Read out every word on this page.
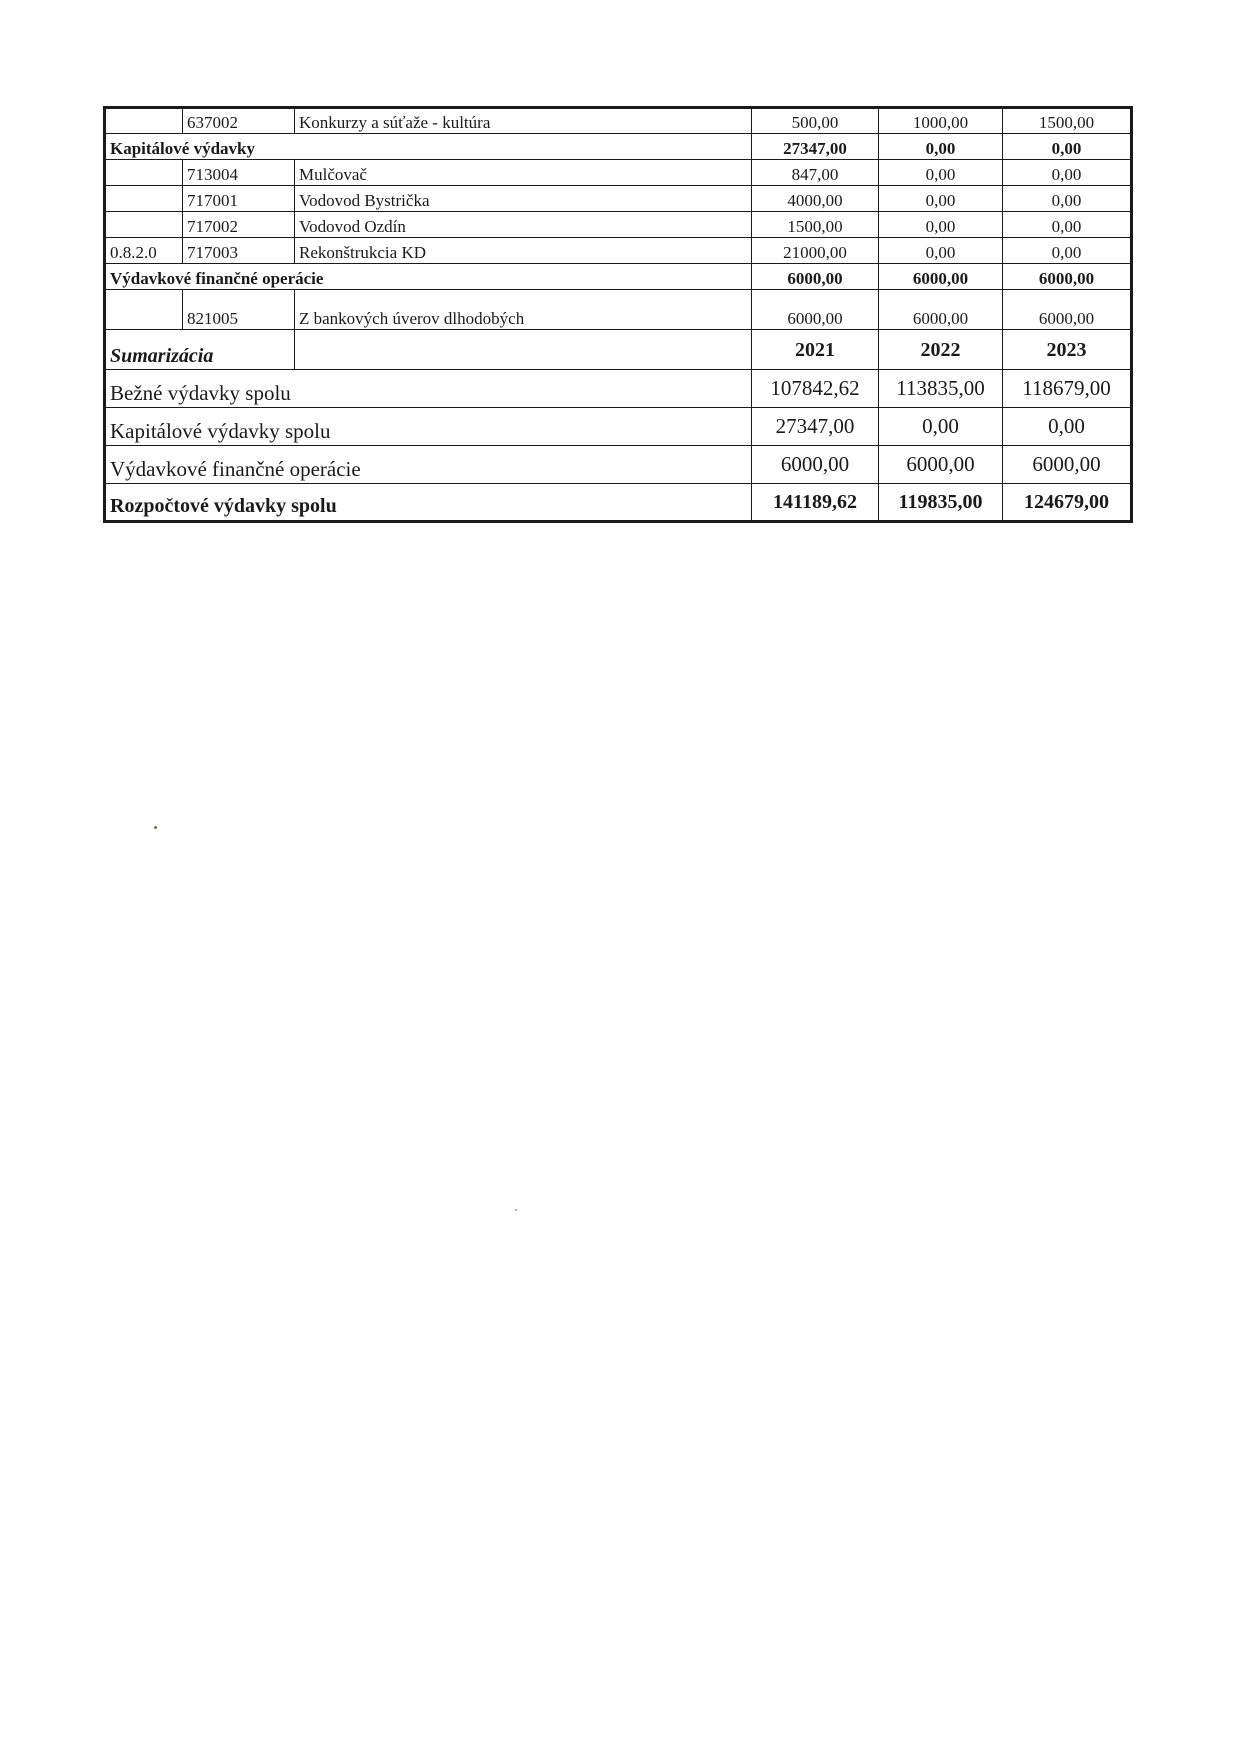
	637002	Konkurzy a súťaže - kultúra	500,00	1000,00	1500,00
Kapitálové výdavky			27347,00	0,00	0,00
	713004	Mulčovač	847,00	0,00	0,00
	717001	Vodovod Bystrička	4000,00	0,00	0,00
	717002	Vodovod Ozdín	1500,00	0,00	0,00
0.8.2.0	717003	Rekonštrukcia KD	21000,00	0,00	0,00
Výdavkové finančné operácie			6000,00	6000,00	6000,00
	821005	Z bankových úverov dlhodobých	6000,00	6000,00	6000,00
Sumarizácia			2021	2022	2023
Bežné výdavky spolu			107842,62	113835,00	118679,00
Kapitálové výdavky spolu			27347,00	0,00	0,00
Výdavkové finančné operácie			6000,00	6000,00	6000,00
Rozpočtové výdavky spolu			141189,62	119835,00	124679,00
